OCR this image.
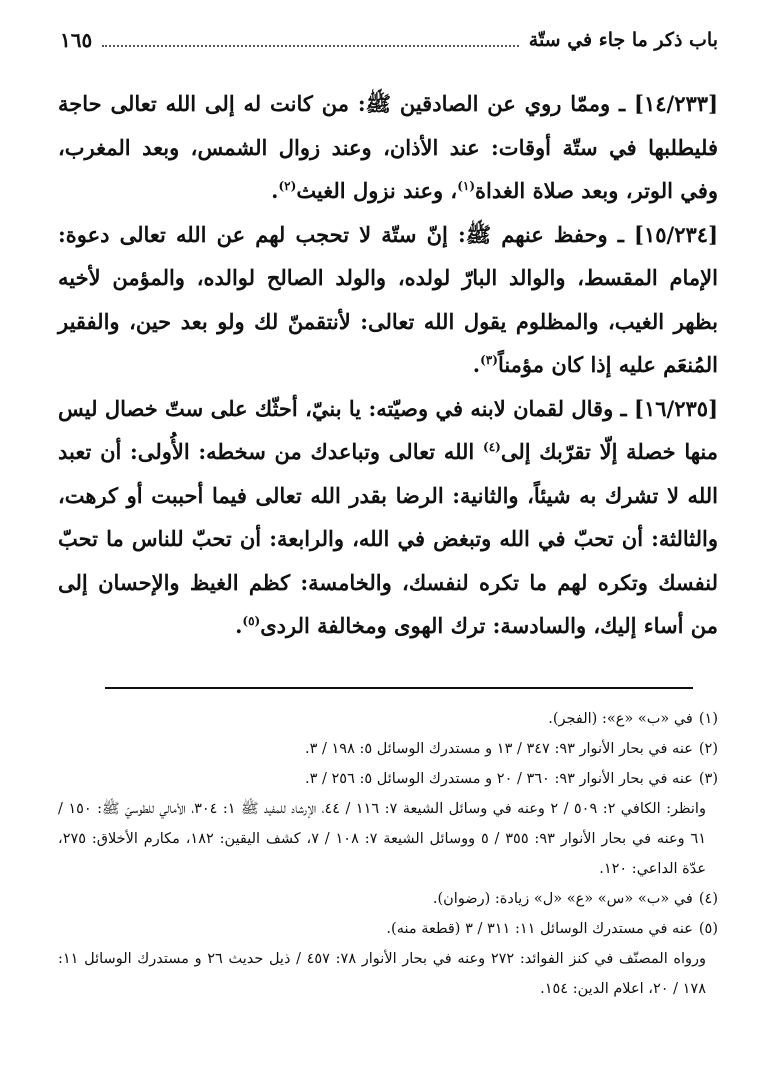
باب ذكر ما جاء في ستّة
١٦٥

[١٤/٢٣٣] ـ وممّا روي عن الصادقين ﷺ: من كانت له إلى الله تعالى حاجة فليطلبها في ستّة أوقات: عند الأذان، وعند زوال الشمس، وبعد المغرب، وفي الوتر، وبعد صلاة الغداة$^{(١)}$، وعند نزول الغيث$^{(٢)}$.

[١٥/٢٣٤] ـ وحفظ عنهم ﷺ: إنّ ستّة لا تحجب لهم عن الله تعالى دعوة: الإمام المقسط، والوالد البارّ لولده، والولد الصالح لوالده، والمؤمن لأخيه بظهر الغيب، والمظلوم يقول الله تعالى: لأنتقمنّ لك ولو بعد حين، والفقير المُنعَم عليه إذا كان مؤمناً$^{(٣)}$.

[١٦/٢٣٥] ـ وقال لقمان لابنه في وصيّته: يا بنيّ، أحثّك على ستّ خصال ليس منها خصلة إلّا تقرّبك إلى$^{(٤)}$ الله تعالى وتباعدك من سخطه: الأُولى: أن تعبد الله لا تشرك به شيئاً، والثانية: الرضا بقدر الله تعالى فيما أحببت أو كرهت، والثالثة: أن تحبّ في الله وتبغض في الله، والرابعة: أن تحبّ للناس ما تحبّ لنفسك وتكره لهم ما تكره لنفسك، والخامسة: كظم الغيظ والإحسان إلى من أساء إليك، والسادسة: ترك الهوى ومخالفة الردى$^{(٥)}$.

(١)في «ب» «ع»: (الفجر).

(٢)عنه في بحار الأنوار ٩٣: ٣٤٧ / ١٣ و مستدرك الوسائل ٥: ١٩٨ / ٣.

(٣)عنه في بحار الأنوار ٩٣: ٣٦٠ / ٢٠ و مستدرك الوسائل ٥: ٢٥٦ / ٣.

وانظر: الكافي ٢: ٥٠٩ / ٢ وعنه في وسائل الشيعة ٧: ١١٦ / ٤٤، الإرشاد للمفيد ﷺ ١: ٣٠٤، الأمالي للطوسيّ ﷺ: ١٥٠ / ٦١ وعنه في بحار الأنوار ٩٣: ٣٥٥ / ٥ ووسائل الشيعة ٧: ١٠٨ / ٧، كشف اليقين: ١٨٢، مكارم الأخلاق: ٢٧٥، عدّة الداعي: ١٢٠.

(٤)في «ب» «س» «ع» «ل» زيادة: (رضوان).

(٥)عنه في مستدرك الوسائل ١١: ٣١١ / ٣ (قطعة منه).

ورواه المصنّف في كنز الفوائد: ٢٧٢ وعنه في بحار الأنوار ٧٨: ٤٥٧ / ذيل حديث ٢٦ و مستدرك الوسائل ١١: ١٧٨ / ٢٠، اعلام الدين: ١٥٤.
